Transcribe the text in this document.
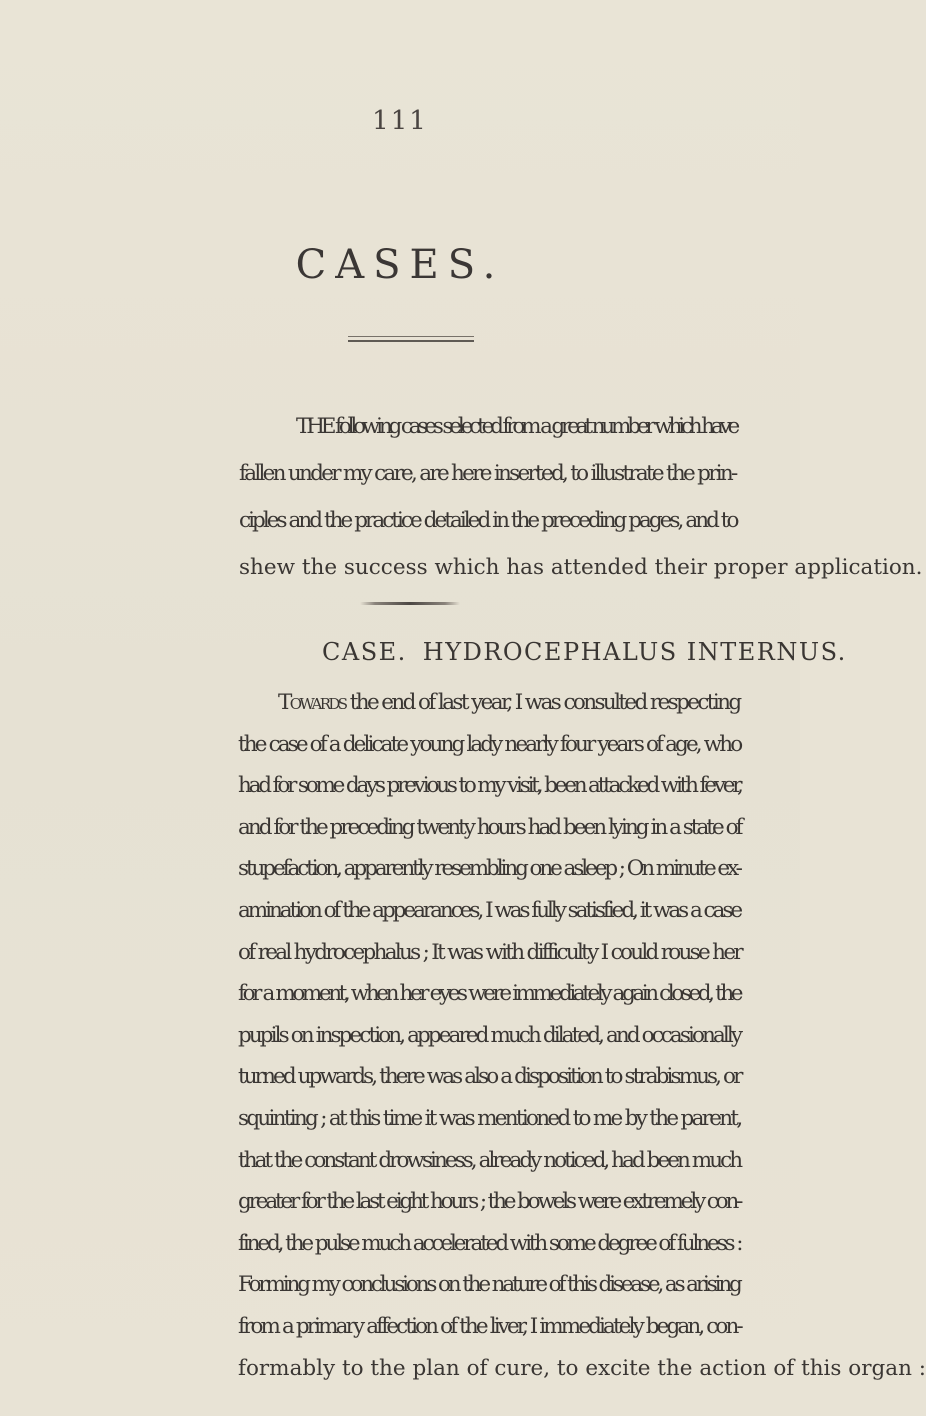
111
CASES.
THE following cases selected from a great number which have
fallen under my care, are here inserted, to illustrate the prin-
ciples and the practice detailed in the preceding pages, and to
shew the success which has attended their proper application.
CASE. HYDROCEPHALUS INTERNUS.
Towards the end of last year, I was consulted respecting
the case of a delicate young lady nearly four years of age, who
had for some days previous to my visit, been attacked with fever,
and for the preceding twenty hours had been lying in a state of
stupefaction, apparently resembling one asleep ; On minute ex-
amination of the appearances, I was fully satisfied, it was a case
of real hydrocephalus ; It was with difficulty I could rouse her
for a moment, when her eyes were immediately again closed, the
pupils on inspection, appeared much dilated, and occasionally
turned upwards, there was also a disposition to strabismus, or
squinting ; at this time it was mentioned to me by the parent,
that the constant drowsiness, already noticed, had been much
greater for the last eight hours ; the bowels were extremely con-
fined, the pulse much accelerated with some degree of fulness :
Forming my conclusions on the nature of this disease, as arising
from a primary affection of the liver, I immediately began, con-
formably to the plan of cure, to excite the action of this organ :
